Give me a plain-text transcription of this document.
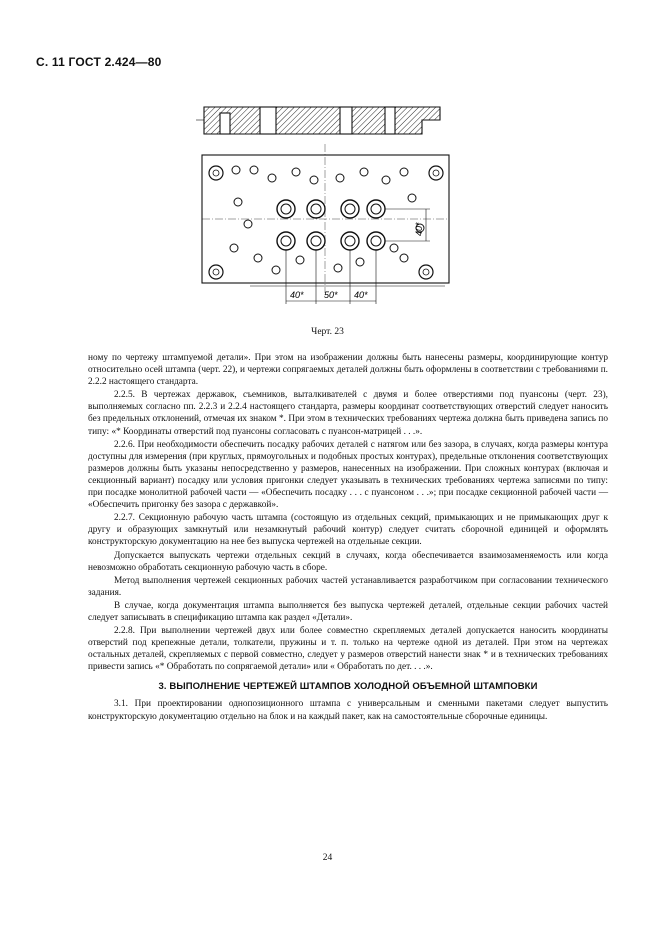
С. 11 ГОСТ 2.424—80
40* 50* 40*
40*
Черт. 23

ному по чертежу штампуемой детали». При этом на изображении должны быть нанесены размеры, координирующие контур относительно осей штампа (черт. 22), и чертежи сопрягаемых деталей должны быть оформлены в соответствии с требованиями п. 2.2.2 настоящего стандарта.

2.2.5. В чертежах державок, съемников, выталкивателей с двумя и более отверстиями под пуансоны (черт. 23), выполняемых согласно пп. 2.2.3 и 2.2.4 настоящего стандарта, размеры координат соответствующих отверстий следует наносить без предельных отклонений, отмечая их знаком *. При этом в технических требованиях чертежа должна быть приведена запись по типу: «* Координаты отверстий под пуансоны согласовать с пуансон-матрицей . . .».

2.2.6. При необходимости обеспечить посадку рабочих деталей с натягом или без зазора, в случаях, когда размеры контура доступны для измерения (при круглых, прямоугольных и подобных простых контурах), предельные отклонения соответствующих размеров должны быть указаны непосредственно у размеров, нанесенных на изображении. При сложных контурах (включая и секционный вариант) посадку или условия пригонки следует указывать в технических требованиях чертежа записями по типу: при посадке монолитной рабочей части — «Обеспечить посадку . . . с пуансоном . . .»; при посадке секционной рабочей части — «Обеспечить пригонку без зазора с державкой».

2.2.7. Секционную рабочую часть штампа (состоящую из отдельных секций, примыкающих и не примыкающих друг к другу и образующих замкнутый или незамкнутый рабочий контур) следует считать сборочной единицей и оформлять конструкторскую документацию на нее без выпуска чертежей на отдельные секции.

Допускается выпускать чертежи отдельных секций в случаях, когда обеспечивается взаимозаменяемость или когда невозможно обработать секционную рабочую часть в сборе.

Метод выполнения чертежей секционных рабочих частей устанавливается разработчиком при согласовании технического задания.

В случае, когда документация штампа выполняется без выпуска чертежей деталей, отдельные секции рабочих частей следует записывать в спецификацию штампа как раздел «Детали».

2.2.8. При выполнении чертежей двух или более совместно скрепляемых деталей допускается наносить координаты отверстий под крепежные детали, толкатели, пружины и т. п. только на чертеже одной из деталей. При этом на чертежах остальных деталей, скрепляемых с первой совместно, следует у размеров отверстий нанести знак * и в технических требованиях привести запись «* Обработать по сопрягаемой детали» или « Обработать по дет. . . .».

3. ВЫПОЛНЕНИЕ ЧЕРТЕЖЕЙ ШТАМПОВ ХОЛОДНОЙ ОБЪЕМНОЙ ШТАМПОВКИ

3.1. При проектировании однопозиционного штампа с универсальным и сменными пакетами следует выпустить конструкторскую документацию отдельно на блок и на каждый пакет, как на самостоятельные сборочные единицы.

24
